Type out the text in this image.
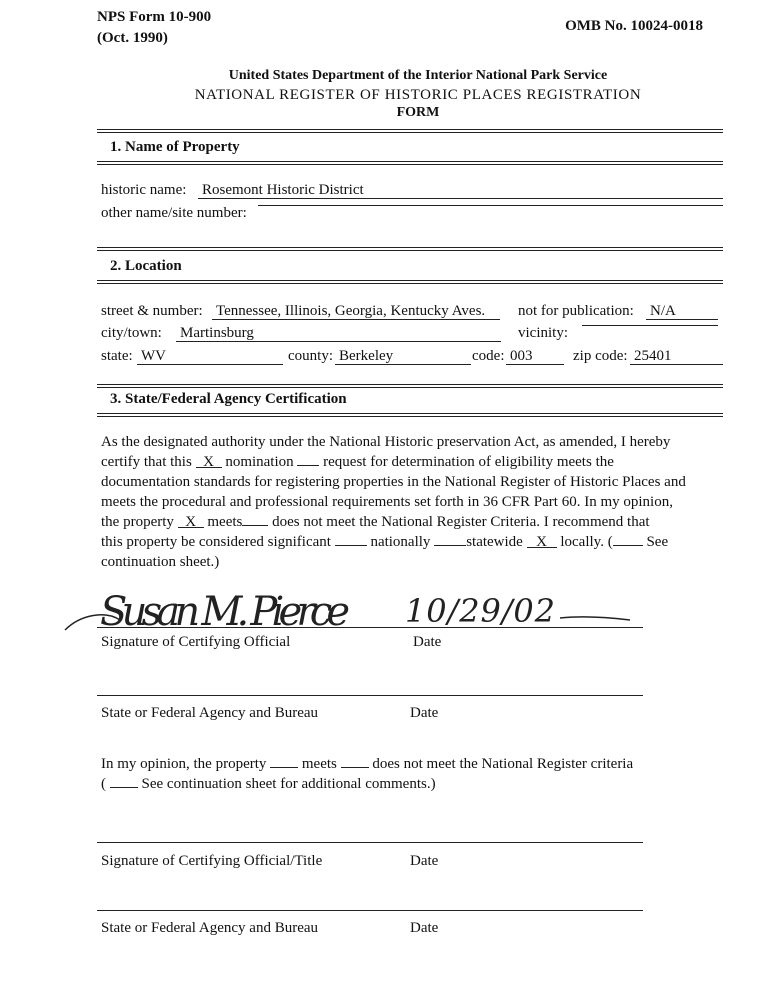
NPS Form 10-900
(Oct. 1990)
OMB No. 10024-0018
United States Department of the Interior National Park Service
NATIONAL REGISTER OF HISTORIC PLACES REGISTRATION
FORM
1. Name of Property
historic name: Rosemont Historic District
other name/site number:
2. Location
street & number: Tennessee, Illinois, Georgia, Kentucky Aves.	not for publication: N/A
city/town: Martinsburg	vicinity:
state: WV	county: Berkeley	code: 003	zip code: 25401
3. State/Federal Agency Certification
As the designated authority under the National Historic preservation Act, as amended, I hereby
certify that this X nomination request for determination of eligibility meets the
documentation standards for registering properties in the National Register of Historic Places and
meets the procedural and professional requirements set forth in 36 CFR Part 60. In my opinion,
the property X meets does not meet the National Register Criteria. I recommend that
this property be considered significant	nationally statewide X locally. ( See
continuation sheet.)
Susan M. Pierce 10/29/02
Signature of Certifying Official	Date
State or Federal Agency and Bureau	Date
In my opinion, the property meets does not meet the National Register criteria
( See continuation sheet for additional comments.)
Signature of Certifying Official/Title	Date
State or Federal Agency and Bureau	Date
